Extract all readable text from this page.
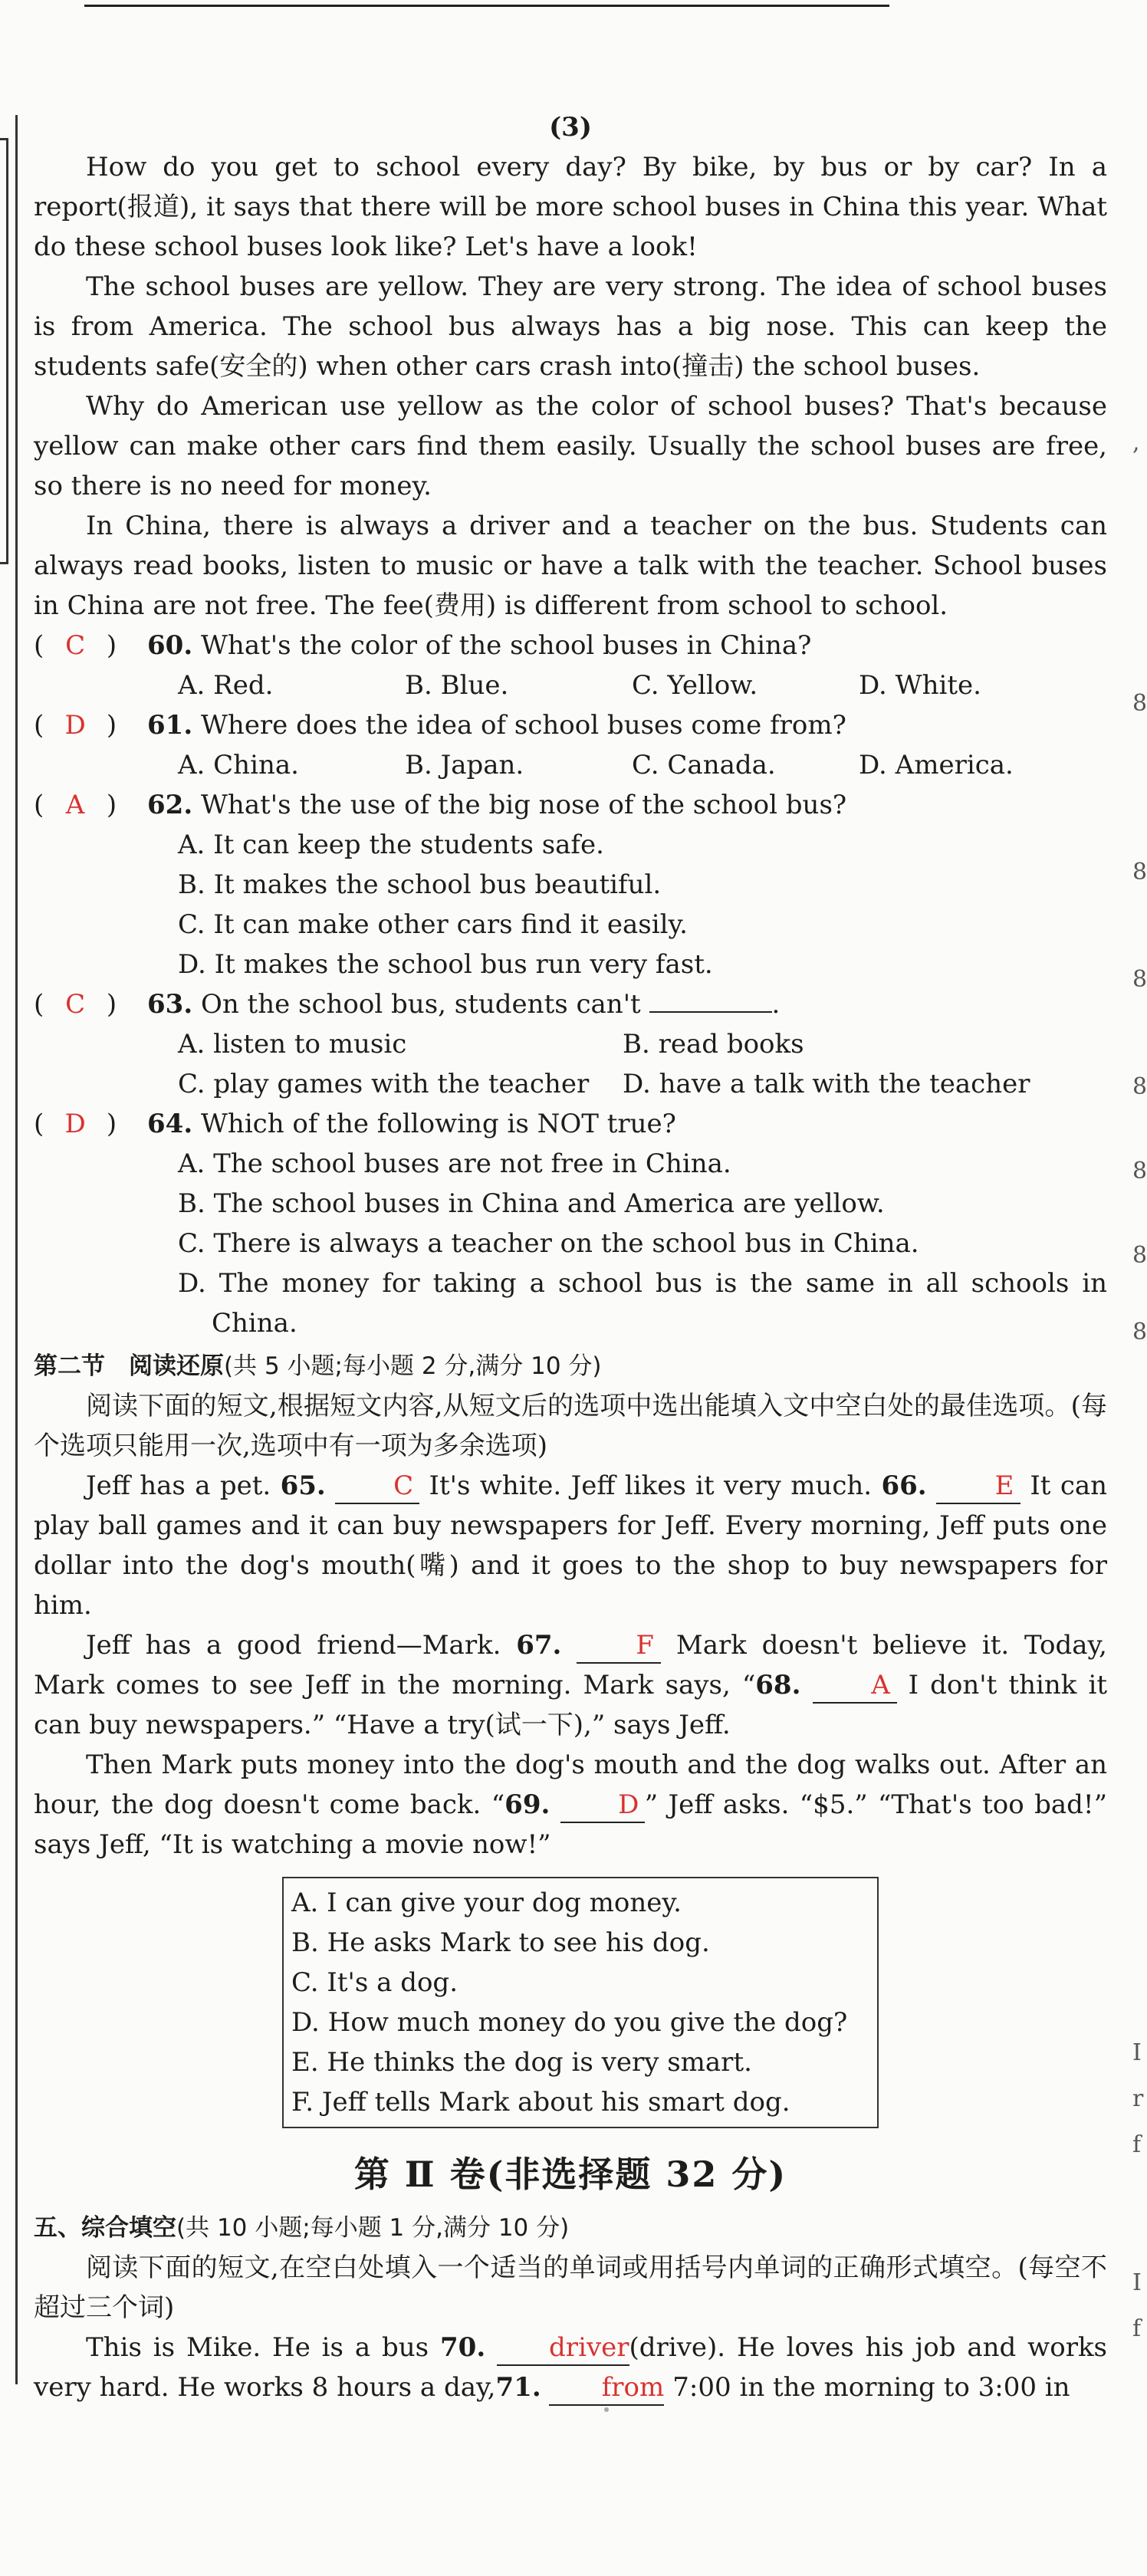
,
8
8
8
8
8
8
8
I
r
f
I
f
(3)

How do you get to school every day? By bike, by bus or by car? In a report(报道), it says that there will be more school buses in China this year. What do these school buses look like? Let's have a look!

The school buses are yellow. They are very strong. The idea of school buses is from America. The school bus always has a big nose. This can keep the students safe(安全的) when other cars crash into(撞击) the school buses.

Why do American use yellow as the color of school buses? That's because yellow can make other cars find them easily. Usually the school buses are free, so there is no need for money.

In China, there is always a driver and a teacher on the bus. Students can always read books, listen to music or have a talk with the teacher. School buses in China are not free. The fee(费用) is different from school to school.

( C ) 60. What's the color of the school buses in China?
A. Red.	B. Blue.	C. Yellow.	D. White.
( D ) 61. Where does the idea of school buses come from?
A. China.	B. Japan.	C. Canada.	D. America.
( A ) 62. What's the use of the big nose of the school bus?
A. It can keep the students safe.
B. It makes the school bus beautiful.
C. It can make other cars find it easily.
D. It makes the school bus run very fast.
( C ) 63. On the school bus, students can't	.
A. listen to music	B. read books
C. play games with the teacher	D. have a talk with the teacher
( D ) 64. Which of the following is NOT true?
A. The school buses are not free in China.
B. The school buses in China and America are yellow.
C. There is always a teacher on the school bus in China.
D. The money for taking a school bus is the same in all schools in China.
第二节　阅读还原(共 5 小题;每小题 2 分,满分 10 分)

阅读下面的短文,根据短文内容,从短文后的选项中选出能填入文中空白处的最佳选项。(每个选项只能用一次,选项中有一项为多余选项)

Jeff has a pet. 65.	C It's white. Jeff likes it very much. 66.	E It can play ball games and it can buy newspapers for Jeff. Every morning, Jeff puts one dollar into the dog's mouth(嘴) and it goes to the shop to buy newspapers for him.

Jeff has a good friend—Mark. 67.	F Mark doesn't believe it. Today, Mark comes to see Jeff in the morning. Mark says, “68.	A I don't think it can buy newspapers.” “Have a try(试一下),” says Jeff.

Then Mark puts money into the dog's mouth and the dog walks out. After an hour, the dog doesn't come back. “69.	D ” Jeff asks. “$5.” “That's too bad!” says Jeff, “It is watching a movie now!”

A. I can give your dog money.
B. He asks Mark to see his dog.
C. It's a dog.
D. How much money do you give the dog?
E. He thinks the dog is very smart.
F. Jeff tells Mark about his smart dog.
第 Ⅱ 卷(非选择题 32 分)
五、综合填空(共 10 小题;每小题 1 分,满分 10 分)

阅读下面的短文,在空白处填入一个适当的单词或用括号内单词的正确形式填空。(每空不超过三个词)

This is Mike. He is a bus 70. driver(drive). He loves his job and works very hard. He works 8 hours a day,71. from 7:00 in the morning to 3:00 in
